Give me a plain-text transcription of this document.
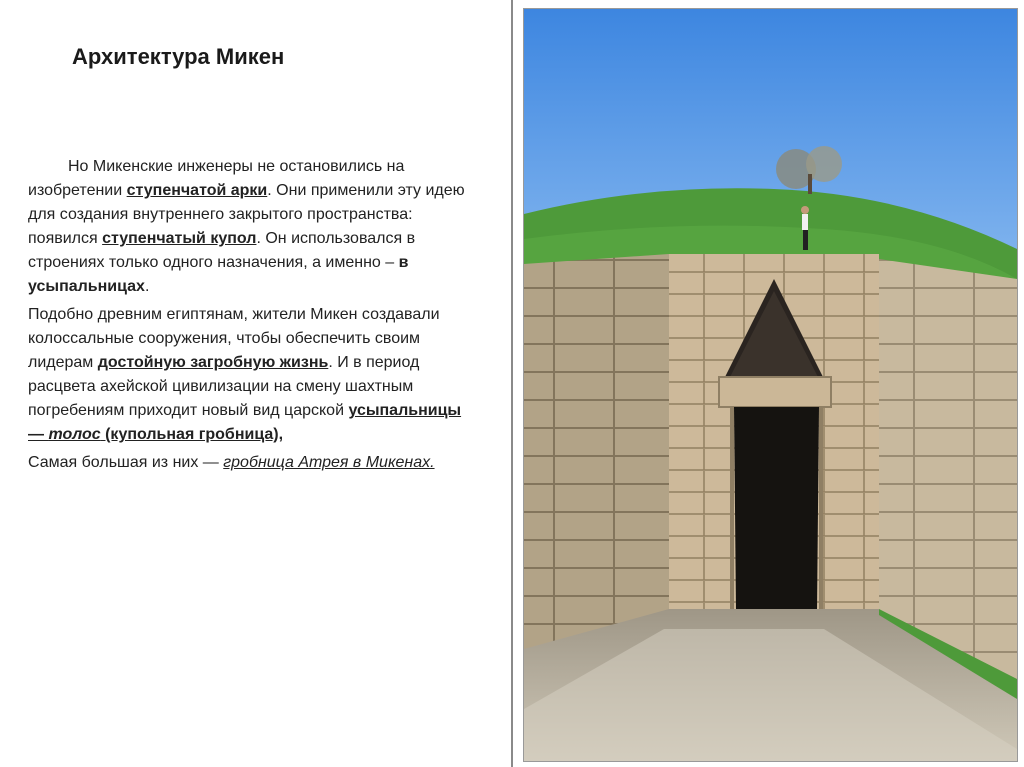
Архитектура Микен

Но Микенские инженеры не остановились на изобретении ступенчатой арки. Они применили эту идею для создания внутреннего закрытого пространства: появился ступенчатый купол. Он использовался в строениях только одного назначения, а именно – в усыпальницах.

Подобно древним египтянам, жители Микен создавали колоссальные сооружения, чтобы обеспечить своим лидерам достойную загробную жизнь. И в период расцвета ахейской цивилизации на смену шахтным погребениям приходит новый вид царской усыпальницы — толос (купольная гробница),

Самая большая из них — гробница Атрея в Микенах.
